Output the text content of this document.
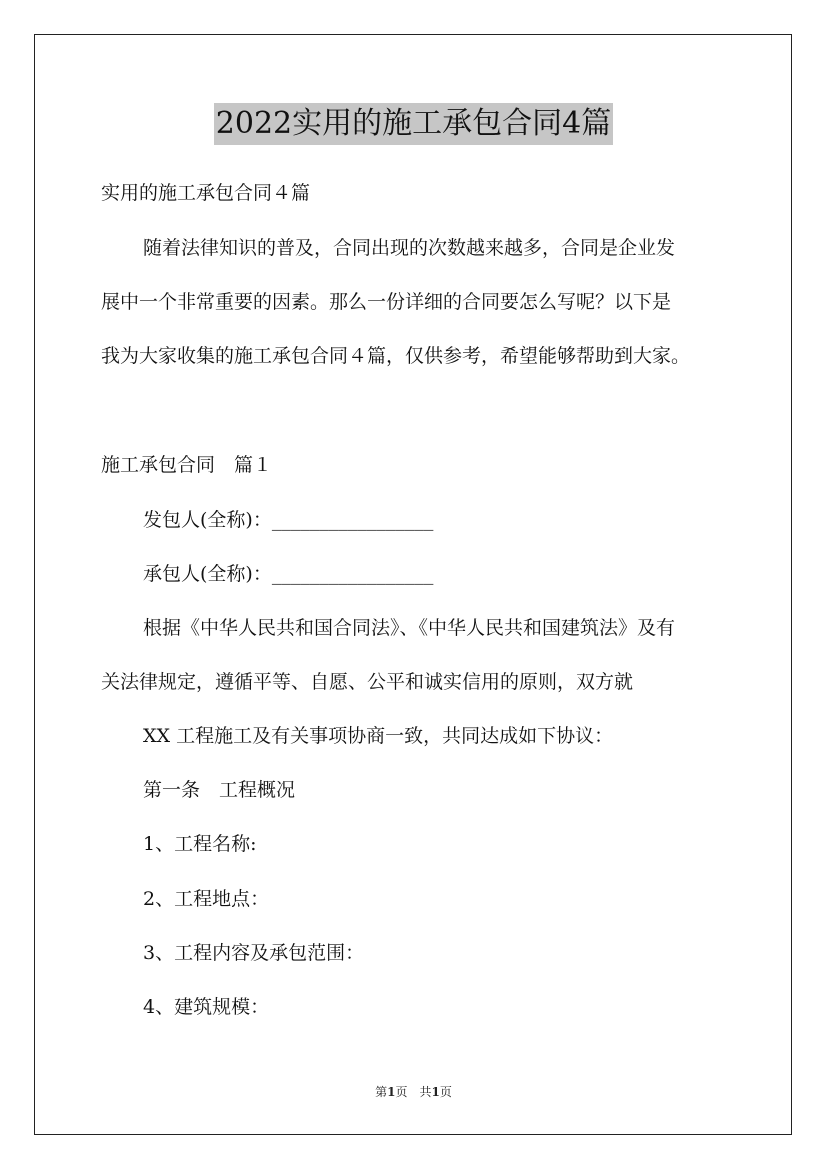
2022实用的施工承包合同4篇

实用的施工承包合同４篇

随着法律知识的普及，合同出现的次数越来越多，合同是企业发

展中一个非常重要的因素。那么一份详细的合同要怎么写呢？以下是

我为大家收集的施工承包合同４篇，仅供参考，希望能够帮助到大家。

施工承包合同　篇１

发包人(全称)：_________________

承包人(全称)：_________________

根据《中华人民共和国合同法》、《中华人民共和国建筑法》及有

关法律规定，遵循平等、自愿、公平和诚实信用的原则，双方就

XX 工程施工及有关事项协商一致，共同达成如下协议：

第一条　工程概况

1、工程名称:

2、工程地点：

3、工程内容及承包范围：

4、建筑规模：

第1页　共1页
